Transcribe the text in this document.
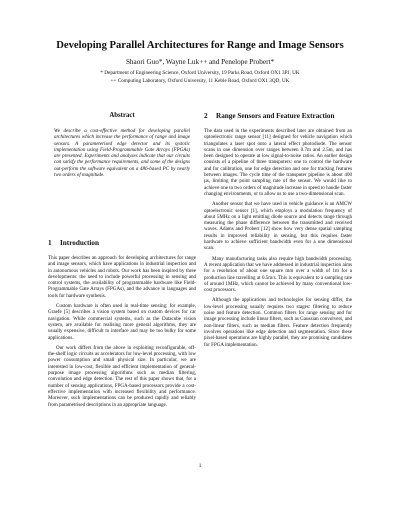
Developing Parallel Architectures for Range and Image Sensors
Shaori Guo*, Wayne Luk++ and Penelope Probert*
* Department of Engineering Science, Oxford University, 19 Parks Road, Oxford OX1 3PJ, UK
++ Computing Laboratory, Oxford University, 11 Keble Road, Oxford OX1 3QD, UK
Abstract
We describe a cost-effective method for developing parallel architectures which increase the performance of range and image sensors. A parameterised edge detector and its systolic implementation using Field-Programmable Gate Arrays (FPGAs) are presented. Experiments and analyses indicate that our circuits can satisfy the performance requirements, and some of the designs out-perform the software equivalent on a 486-based PC by nearly two orders of magnitude.
1 Introduction

This paper describes an approach for developing architectures for range and image sensors, which have applications in industrial inspection and in autonomous vehicles and robots. Our work has been inspired by three developments: the need to include powerful processing in sensing and control systems, the availability of programmable hardware like Field-Programmable Gate Arrays (FPGAs), and the advance in languages and tools for hardware synthesis.

Custom hardware is often used in real-time sensing; for example, Graefe [5] describes a vision system based on custom devices for car navigation. While commercial systems, such as the Datacube vision system, are available for realising more general algorithms, they are usually expensive, difficult to interface and may be too bulky for some applications.

Our work differs from the above in exploiting reconfigurable, off-the-shelf logic circuits as accelerators for low-level processing, with low power consumption and small physical size. In particular, we are interested in low-cost, flexible and efficient implementation of general-purpose image processing algorithms such as median filtering, convolution and edge detection. The rest of this paper shows that, for a number of sensing applications, FPGA-based processors provide a cost-effective implementation with increased flexibility and performance. Moreover, such implementations can be produced rapidly and reliably from parametrised descriptions in an appropriate language.

2 Range Sensors and Feature Extraction

The data used in the experiments described later are obtained from an optoelectronic range sensor [11] designed for vehicle navigation which triangulates a laser spot onto a lateral effect photodiode. The sensor scans in one dimension over ranges between 0.7m and 2.5m, and has been designed to operate at low signal-to-noise ratios. An earlier design consists of a pipeline of three transputers: one to control the hardware and for calibration, one for edge detection and one for tracking features between images. The cycle time of the transputer pipeline is about 400 µs, limiting the point sampling rate of the sensor. We would like to achieve one to two orders of magnitude increase in speed to handle faster changing environments, or to allow us to use a two-dimensional scan.

Another sensor that we have used in vehicle guidance is an AMCW optoelectronic sensor [1], which employs a modulation frequency of about 5MHz on a light emitting diode source and detects range through measuring the phase difference between the transmitted and received waves. Adams and Probert [12] show how very dense spatial sampling results in improved reliability in sensing, but this requires faster hardware to achieve sufficient bandwidth even for a one dimensional scan.

Many manufacturing tasks also require high bandwidth processing. A recent application that we have addressed in industrial inspection aims for a resolution of about one square mm over a width of 1m for a production line travelling at 0.5m/s. This is equivalent to a sampling rate of around 1MHz, which cannot be achieved by many conventional low-cost processors.

Although the applications and technologies for sensing differ, the low-level processing usually requires two stages: filtering to reduce noise and feature detection. Common filters for range sensing and for image processing include linear filters, such as Gaussian convolvers, and non-linear filters, such as median filters. Feature detection frequently involves operations like edge detection and segmentation. Since these pixel-based operations are highly parallel, they are promising candidates for FPGA implementation.

1
